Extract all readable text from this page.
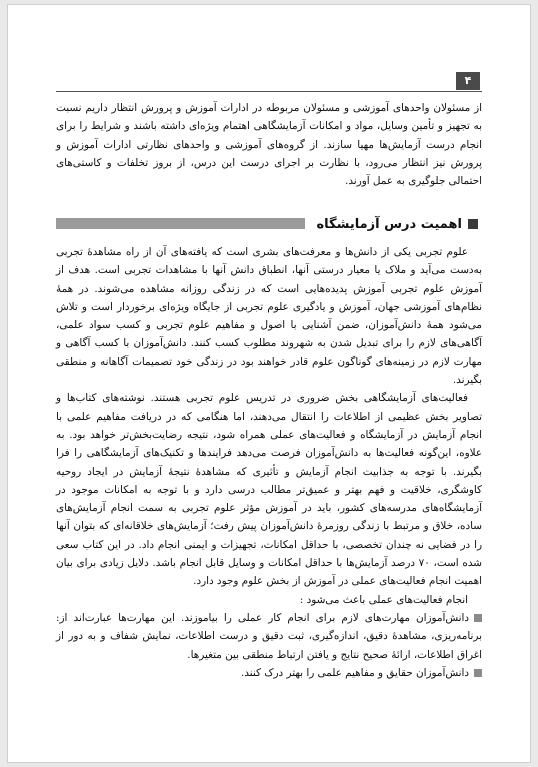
۴

از مسئولان واحدهای آموزشی و مسئولان مربوطه در ادارات آموزش و پرورش انتظار داریم نسبت به تجهیز و تأمین وسایل، مواد و امکانات آزمایشگاهی اهتمام ویژه‌ای داشته باشند و شرایط را برای انجام درست آزمایش‌ها مهیا سازند. از گروه‌های آموزشی و واحدهای نظارتی ادارات آموزش و پرورش نیز انتظار می‌رود، با نظارت بر اجرای درست این درس، از بروز تخلفات و کاستی‌های احتمالی جلوگیری به عمل آورند.

اهمیت درس آزمایشگاه

علوم تجربی یکی از دانش‌ها و معرفت‌های بشری است که یافته‌های آن از راه مشاهدۀ تجربی به‌دست می‌آید و ملاک یا معیار درستی آنها، انطباق دانش آنها با مشاهدات تجربی است. هدف از آموزش علوم تجربی آموزش پدیده‌هایی است که در زندگی روزانه مشاهده می‌شوند. در همۀ نظام‌های آموزشی جهان، آموزش و یادگیری علوم تجربی از جایگاه ویژه‌ای برخوردار است و تلاش می‌شود همۀ دانش‌آموزان، ضمن آشنایی با اصول و مفاهیم علوم تجربی و کسب سواد علمی، آگاهی‌های لازم را برای تبدیل شدن به شهروند مطلوب کسب کنند. دانش‌آموزان با کسب آگاهی و مهارت لازم در زمینه‌های گوناگون علوم قادر خواهند بود در زندگی خود تصمیمات آگاهانه و منطقی بگیرند.

فعالیت‌های آزمایشگاهی بخش ضروری در تدریس علوم تجربی هستند. نوشته‌های کتاب‌ها و تصاویر بخش عظیمی از اطلاعات را انتقال می‌دهند، اما هنگامی که در دریافت مفاهیم علمی با انجام آزمایش در آزمایشگاه و فعالیت‌های عملی همراه شود، نتیجه رضایت‌بخش‌تر خواهد بود. به علاوه، این‌گونه فعالیت‌ها به دانش‌آموزان فرصت می‌دهد فرایندها و تکنیک‌های آزمایشگاهی را فرا بگیرند. با توجه به جذابیت انجام آزمایش و تأثیری که مشاهدۀ نتیجۀ آزمایش در ایجاد روحیه کاوشگری، خلاقیت و فهم بهتر و عمیق‌تر مطالب درسی دارد و با توجه به امکانات موجود در آزمایشگاه‌های مدرسه‌های کشور، باید در آموزش مؤثر علوم تجربی به سمت انجام آزمایش‌های ساده، خلاق و مرتبط با زندگی روزمرۀ دانش‌آموزان پیش رفت؛ آزمایش‌های خلاقانه‌ای که بتوان آنها را در فضایی نه چندان تخصصی، با حداقل امکانات، تجهیزات و ایمنی انجام داد. در این کتاب سعی شده است، ۷۰ درصد آزمایش‌ها با حداقل امکانات و وسایل قابل انجام باشد. دلایل زیادی برای بیان اهمیت انجام فعالیت‌های عملی در آموزش از بخش علوم وجود دارد.

انجام فعالیت‌های عملی باعث می‌شود :

دانش‌آموزان مهارت‌های لازم برای انجام کار عملی را بیاموزند. این مهارت‌ها عبارت‌اند از: برنامه‌ریزی، مشاهدۀ دقیق، اندازه‌گیری، ثبت دقیق و درست اطلاعات، نمایش شفاف و به دور از اغراق اطلاعات، ارائۀ صحیح نتایج و یافتن ارتباط منطقی بین متغیرها.

دانش‌آموزان حقایق و مفاهیم علمی را بهتر درک کنند.
